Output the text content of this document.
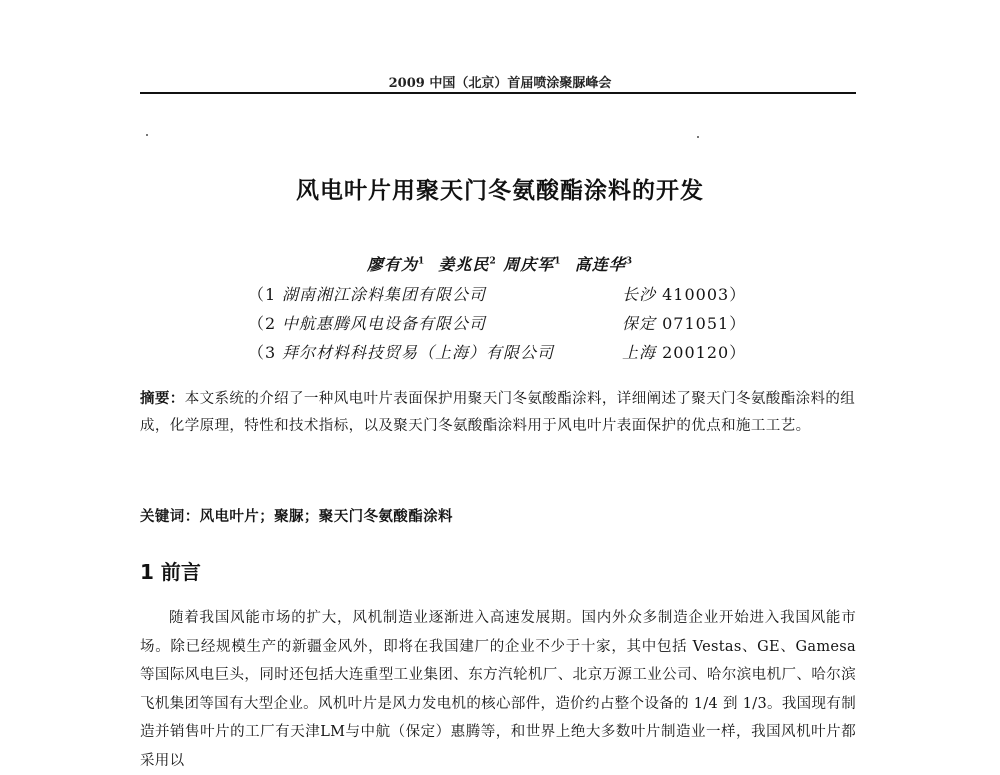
2009 中国（北京）首届喷涂聚脲峰会
风电叶片用聚天门冬氨酸酯涂料的开发
廖有为$^1$ 姜兆民$^2$ 周庆军$^1$ 高连华$^3$
（1 湖南湘江涂料集团有限公司	长沙 410003）
（2 中航惠腾风电设备有限公司	保定 071051）
（3 拜尔材料科技贸易（上海）有限公司	上海 200120）

摘要：本文系统的介绍了一种风电叶片表面保护用聚天门冬氨酸酯涂料，详细阐述了聚天门冬氨酸酯涂料的组成，化学原理，特性和技术指标，以及聚天门冬氨酸酯涂料用于风电叶片表面保护的优点和施工工艺。

关键词：风电叶片；聚脲；聚天门冬氨酸酯涂料

1 前言

随着我国风能市场的扩大，风机制造业逐渐进入高速发展期。国内外众多制造企业开始进入我国风能市场。除已经规模生产的新疆金风外，即将在我国建厂的企业不少于十家，其中包括 Vestas、GE、Gamesa 等国际风电巨头，同时还包括大连重型工业集团、东方汽轮机厂、北京万源工业公司、哈尔滨电机厂、哈尔滨飞机集团等国有大型企业。风机叶片是风力发电机的核心部件，造价约占整个设备的 1/4 到 1/3。我国现有制造并销售叶片的工厂有天津LM与中航（保定）惠腾等，和世界上绝大多数叶片制造业一样，我国风机叶片都采用以
